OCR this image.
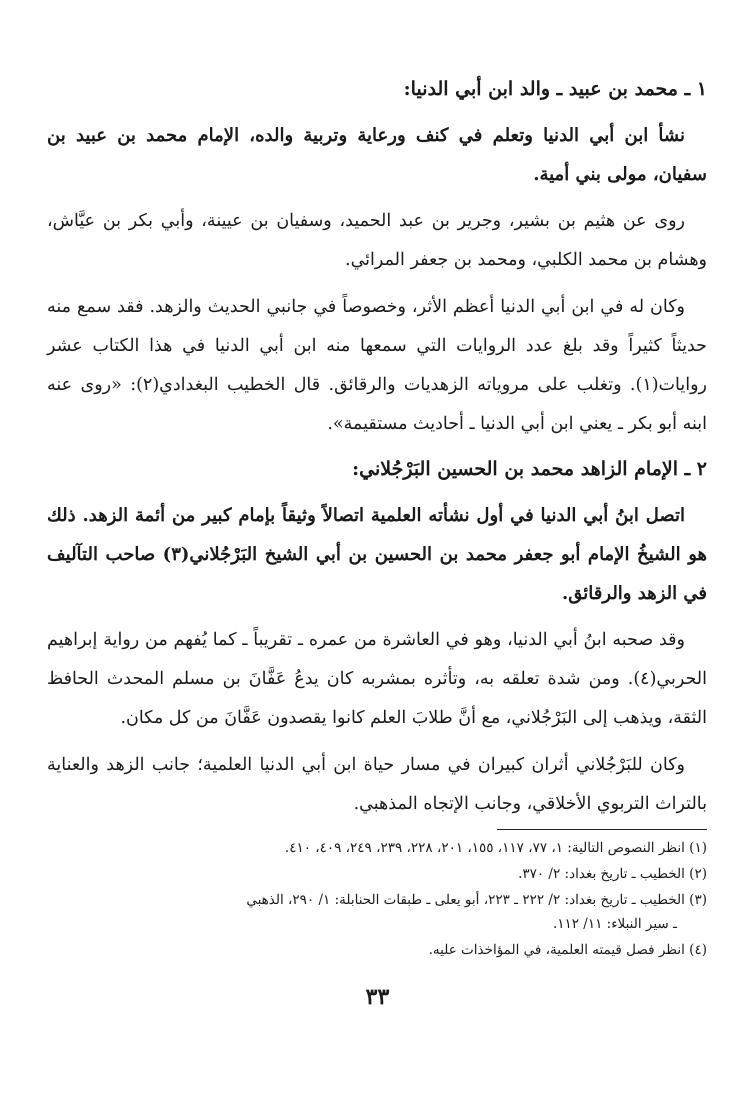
١ ـ محمد بن عبيد ـ والد ابن أبي الدنيا:

نشأ ابن أبي الدنيا وتعلم في كنف ورعاية وتربية والده، الإمام محمد بن عبيد بن سفيان، مولى بني أمية.

روى عن هثيم بن بشير، وجرير بن عبد الحميد، وسفيان بن عيينة، وأبي بكر بن عيَّاش، وهشام بن محمد الكلبي، ومحمد بن جعفر المرائي.

وكان له في ابن أبي الدنيا أعظم الأثر، وخصوصاً في جانبي الحديث والزهد. فقد سمع منه حديثاً كثيراً وقد بلغ عدد الروايات التي سمعها منه ابن أبي الدنيا في هذا الكتاب عشر روايات(١). وتغلب على مروياته الزهديات والرقائق. قال الخطيب البغدادي(٢): «روى عنه ابنه أبو بكر ـ يعني ابن أبي الدنيا ـ أحاديث مستقيمة».

٢ ـ الإمام الزاهد محمد بن الحسين البَرْجُلاني:

اتصل ابنُ أبي الدنيا في أول نشأته العلمية اتصالاً وثيقاً بإمام كبير من أئمة الزهد. ذلك هو الشيخُ الإمام أبو جعفر محمد بن الحسين بن أبي الشيخ البَرْجُلاني(٣) صاحب التآليف في الزهد والرقائق.

وقد صحبه ابنُ أبي الدنيا، وهو في العاشرة من عمره ـ تقريباً ـ كما يُفهم من رواية إبراهيم الحربي(٤). ومن شدة تعلقه به، وتأثره بمشربه كان يدعُ عَفَّانَ بن مسلم المحدث الحافظ الثقة، ويذهب إلى البَرْجُلاني، مع أنَّ طلابَ العلم كانوا يقصدون عَفَّانَ من كل مكان.

وكان للبَرْجُلاني أثران كبيران في مسار حياة ابن أبي الدنيا العلمية؛ جانب الزهد والعناية بالتراث التربوي الأخلاقي، وجانب الإتجاه المذهبي.

(١) انظر النصوص التالية: ١، ٧٧، ١١٧، ١٥٥، ٢٠١، ٢٢٨، ٢٣٩، ٢٤٩، ٤٠٩، ٤١٠.
(٢) الخطيب ـ تاريخ بغداد: ٢/ ٣٧٠.
(٣) الخطيب ـ تاريخ بغداد: ٢/ ٢٢٢ ـ ٢٢٣، أبو يعلى ـ طبقات الحنابلة: ١/ ٢٩٠، الذهبي
ـ سير النبلاء: ١١/ ١١٢.
(٤) انظر فصل قيمته العلمية، في المؤاخذات عليه.
٣٣
